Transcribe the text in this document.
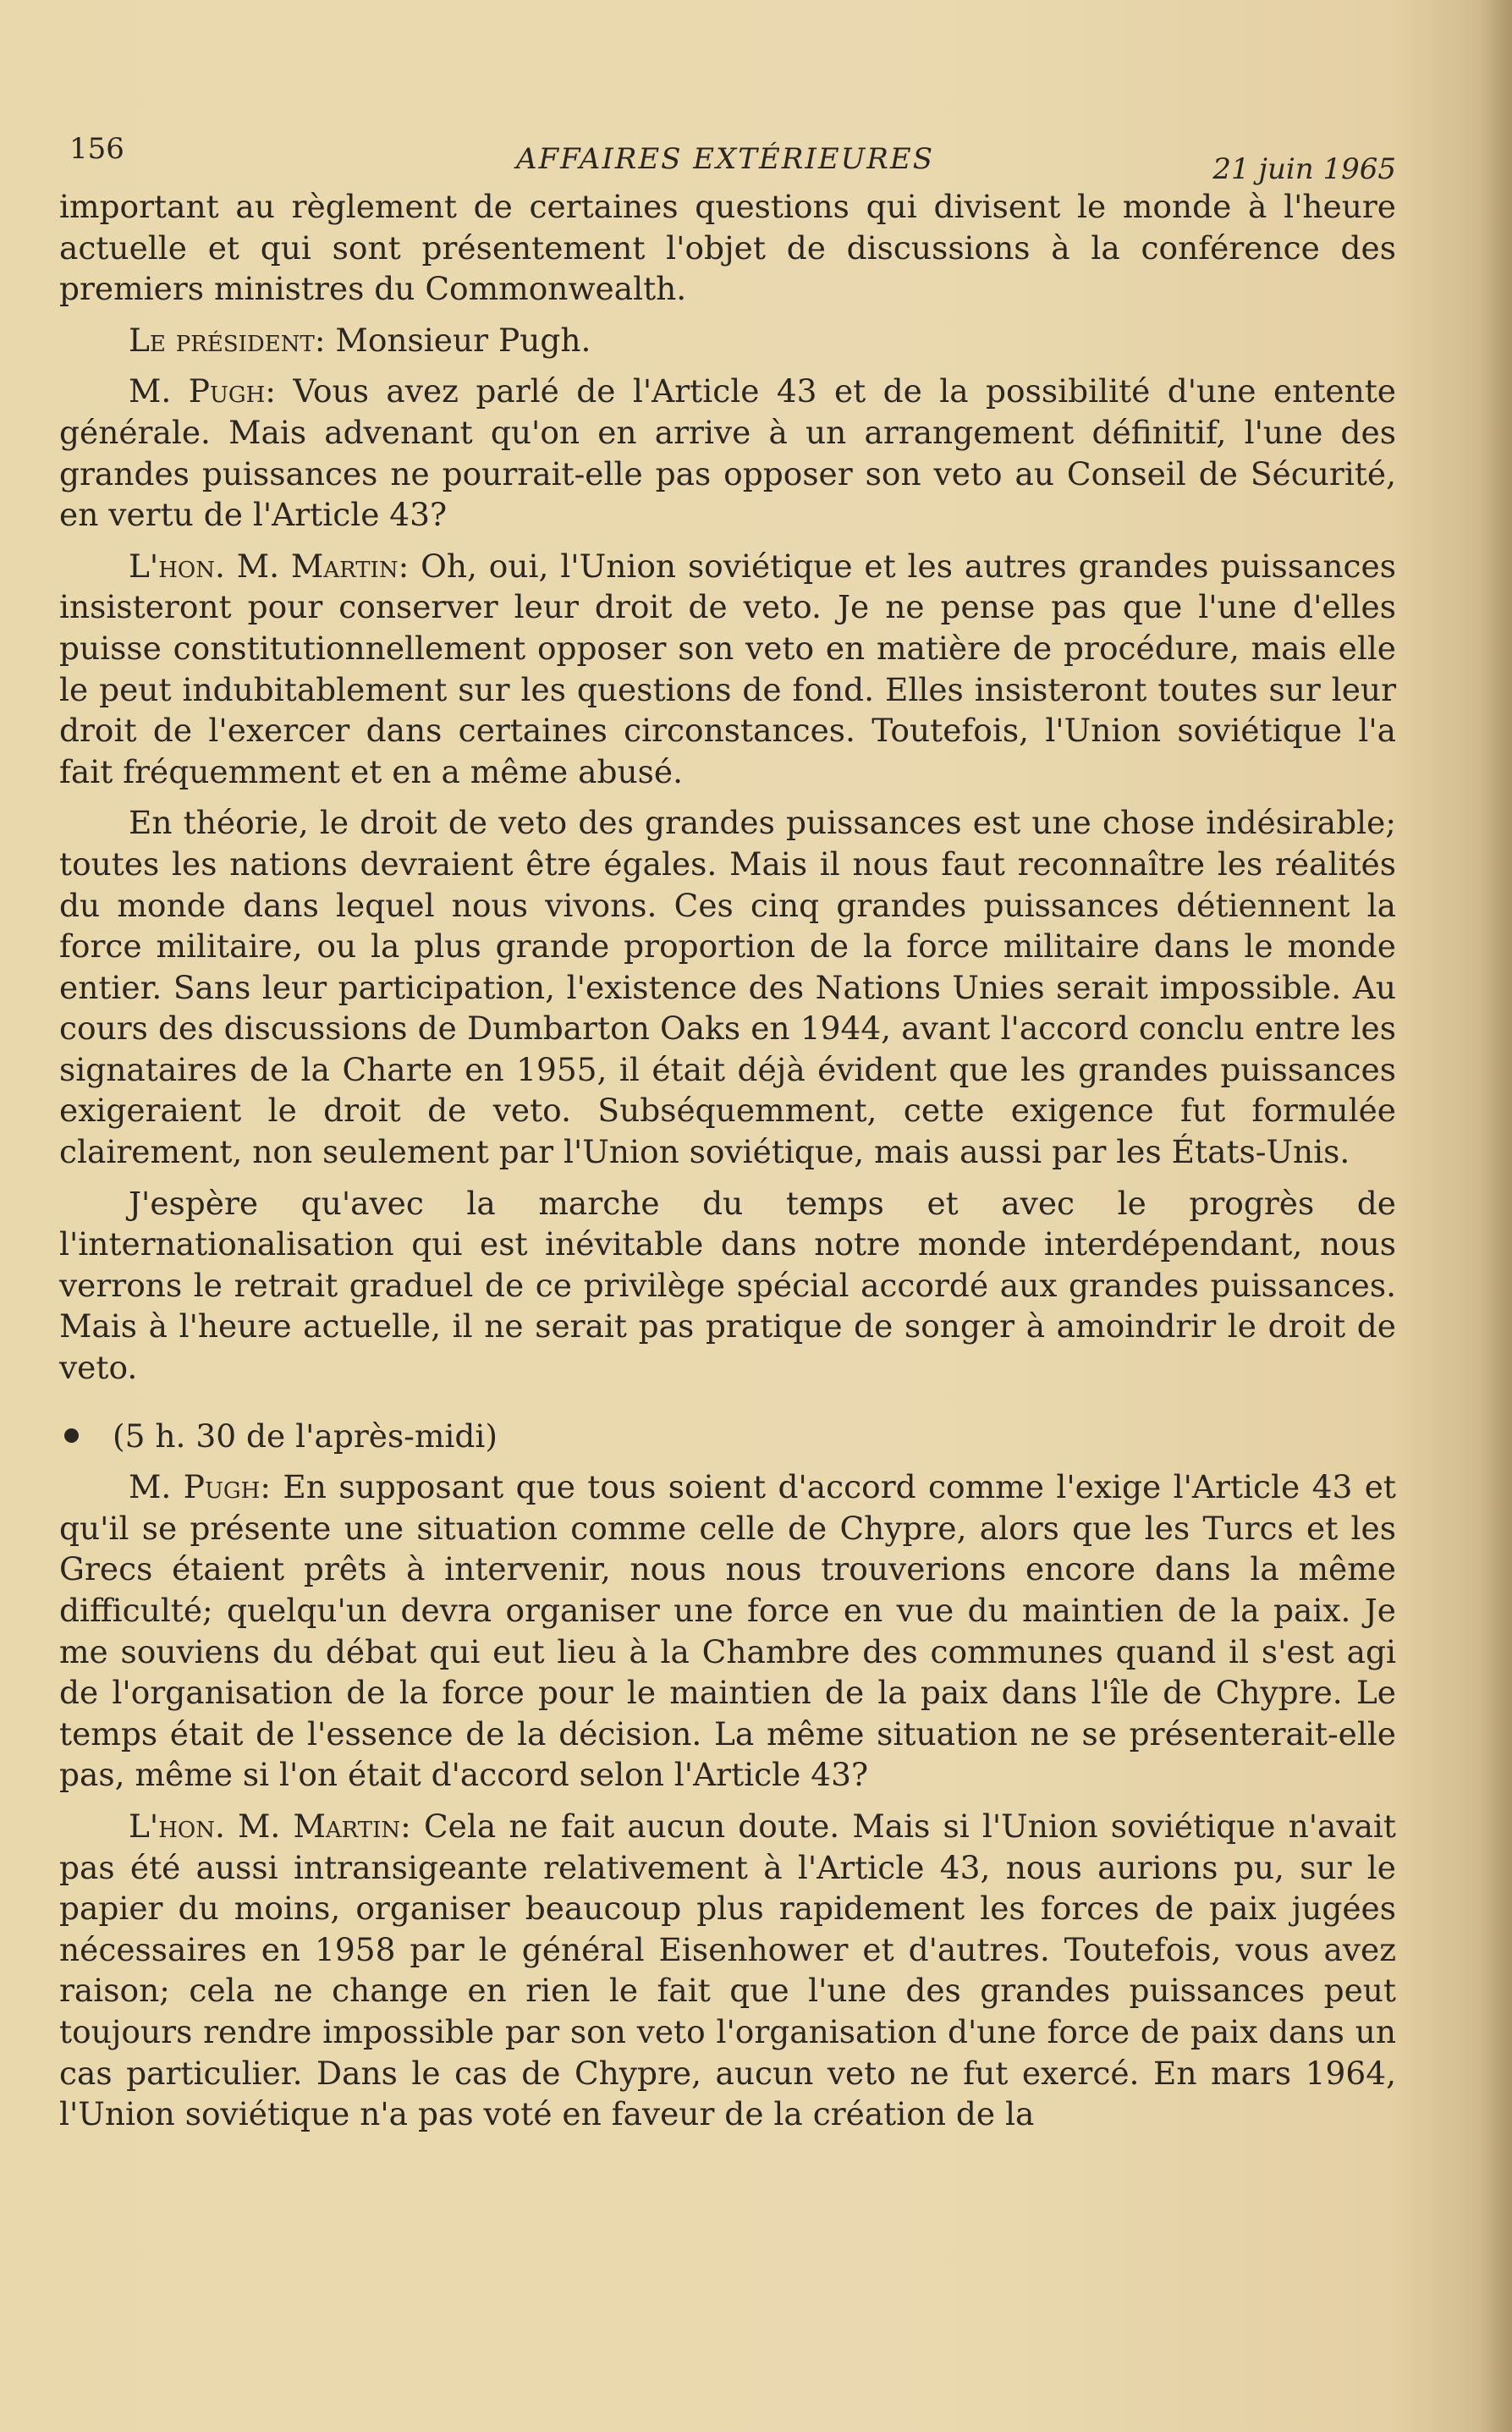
156	AFFAIRES EXTÉRIEURES	21 juin 1965

important au règlement de certaines questions qui divisent le monde à l'heure actuelle et qui sont présentement l'objet de discussions à la conférence des premiers ministres du Commonwealth.

Le président: Monsieur Pugh.

M. Pugh: Vous avez parlé de l'Article 43 et de la possibilité d'une entente générale. Mais advenant qu'on en arrive à un arrangement définitif, l'une des grandes puissances ne pourrait-elle pas opposer son veto au Conseil de Sécurité, en vertu de l'Article 43?

L'hon. M. Martin: Oh, oui, l'Union soviétique et les autres grandes puissances insisteront pour conserver leur droit de veto. Je ne pense pas que l'une d'elles puisse constitutionnellement opposer son veto en matière de procédure, mais elle le peut indubitablement sur les questions de fond. Elles insisteront toutes sur leur droit de l'exercer dans certaines circonstances. Toutefois, l'Union soviétique l'a fait fréquemment et en a même abusé.

En théorie, le droit de veto des grandes puissances est une chose indésirable; toutes les nations devraient être égales. Mais il nous faut reconnaître les réalités du monde dans lequel nous vivons. Ces cinq grandes puissances détiennent la force militaire, ou la plus grande proportion de la force militaire dans le monde entier. Sans leur participation, l'existence des Nations Unies serait impossible. Au cours des discussions de Dumbarton Oaks en 1944, avant l'accord conclu entre les signataires de la Charte en 1955, il était déjà évident que les grandes puissances exigeraient le droit de veto. Subséquemment, cette exigence fut formulée clairement, non seulement par l'Union soviétique, mais aussi par les États-Unis.

J'espère qu'avec la marche du temps et avec le progrès de l'internationalisation qui est inévitable dans notre monde interdépendant, nous verrons le retrait graduel de ce privilège spécial accordé aux grandes puissances. Mais à l'heure actuelle, il ne serait pas pratique de songer à amoindrir le droit de veto.

(5 h. 30 de l'après-midi)

M. Pugh: En supposant que tous soient d'accord comme l'exige l'Article 43 et qu'il se présente une situation comme celle de Chypre, alors que les Turcs et les Grecs étaient prêts à intervenir, nous nous trouverions encore dans la même difficulté; quelqu'un devra organiser une force en vue du maintien de la paix. Je me souviens du débat qui eut lieu à la Chambre des communes quand il s'est agi de l'organisation de la force pour le maintien de la paix dans l'île de Chypre. Le temps était de l'essence de la décision. La même situation ne se présenterait-elle pas, même si l'on était d'accord selon l'Article 43?

L'hon. M. Martin: Cela ne fait aucun doute. Mais si l'Union soviétique n'avait pas été aussi intransigeante relativement à l'Article 43, nous aurions pu, sur le papier du moins, organiser beaucoup plus rapidement les forces de paix jugées nécessaires en 1958 par le général Eisenhower et d'autres. Toutefois, vous avez raison; cela ne change en rien le fait que l'une des grandes puissances peut toujours rendre impossible par son veto l'organisation d'une force de paix dans un cas particulier. Dans le cas de Chypre, aucun veto ne fut exercé. En mars 1964, l'Union soviétique n'a pas voté en faveur de la création de la
